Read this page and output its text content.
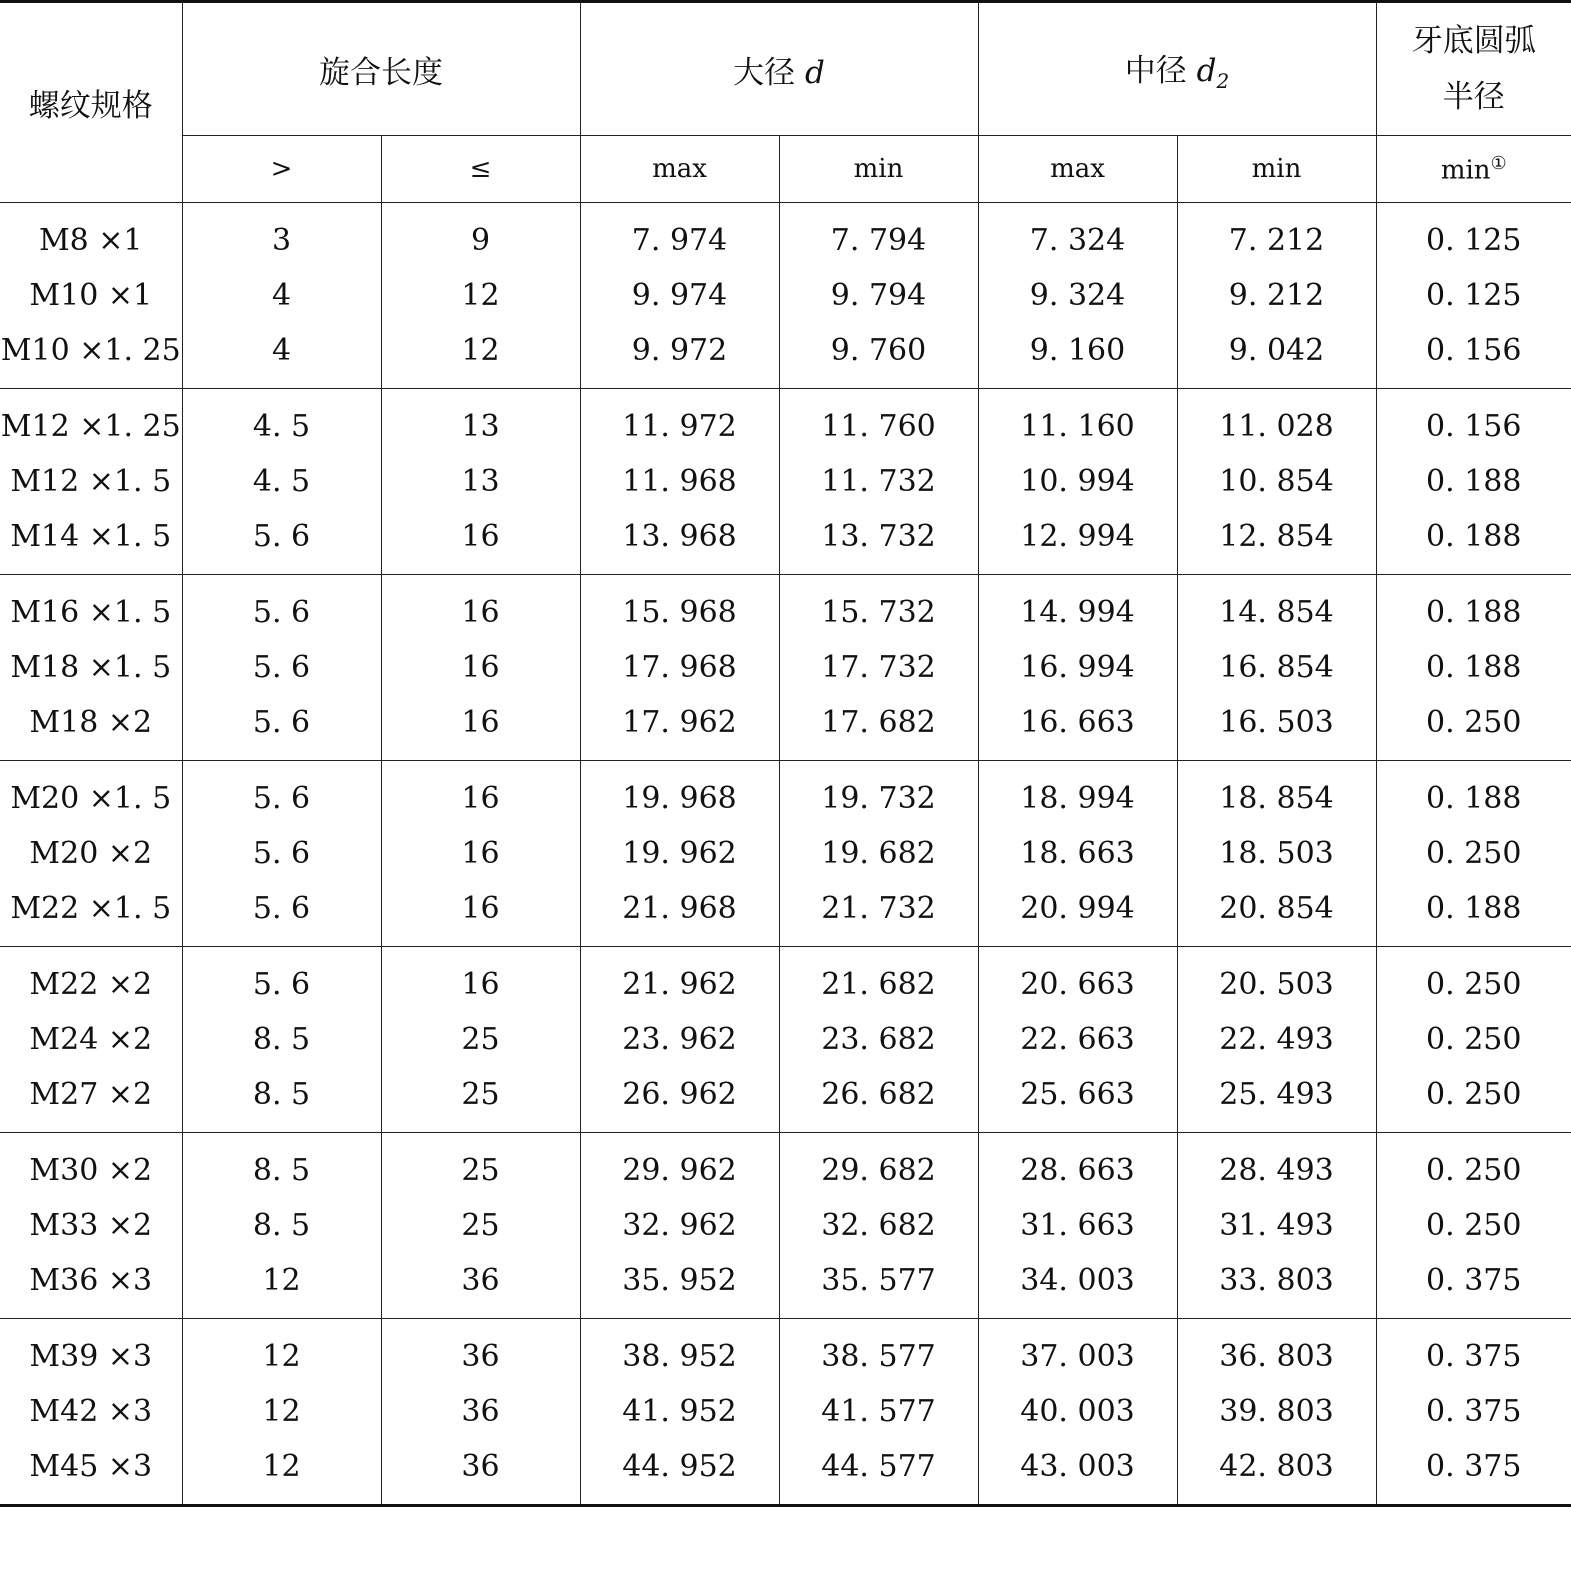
螺纹规格	旋合长度		大径 d		中径 $d_2$		牙底圆弧
半径
	>	≤	max	min	max	min	min①
M8 ×1	3	9	7. 974	7. 794	7. 324	7. 212	0. 125
M10 ×1	4	12	9. 974	9. 794	9. 324	9. 212	0. 125
M10 ×1. 25	4	12	9. 972	9. 760	9. 160	9. 042	0. 156
M12 ×1. 25	4. 5	13	11. 972	11. 760	11. 160	11. 028	0. 156
M12 ×1. 5	4. 5	13	11. 968	11. 732	10. 994	10. 854	0. 188
M14 ×1. 5	5. 6	16	13. 968	13. 732	12. 994	12. 854	0. 188
M16 ×1. 5	5. 6	16	15. 968	15. 732	14. 994	14. 854	0. 188
M18 ×1. 5	5. 6	16	17. 968	17. 732	16. 994	16. 854	0. 188
M18 ×2	5. 6	16	17. 962	17. 682	16. 663	16. 503	0. 250
M20 ×1. 5	5. 6	16	19. 968	19. 732	18. 994	18. 854	0. 188
M20 ×2	5. 6	16	19. 962	19. 682	18. 663	18. 503	0. 250
M22 ×1. 5	5. 6	16	21. 968	21. 732	20. 994	20. 854	0. 188
M22 ×2	5. 6	16	21. 962	21. 682	20. 663	20. 503	0. 250
M24 ×2	8. 5	25	23. 962	23. 682	22. 663	22. 493	0. 250
M27 ×2	8. 5	25	26. 962	26. 682	25. 663	25. 493	0. 250
M30 ×2	8. 5	25	29. 962	29. 682	28. 663	28. 493	0. 250
M33 ×2	8. 5	25	32. 962	32. 682	31. 663	31. 493	0. 250
M36 ×3	12	36	35. 952	35. 577	34. 003	33. 803	0. 375
M39 ×3	12	36	38. 952	38. 577	37. 003	36. 803	0. 375
M42 ×3	12	36	41. 952	41. 577	40. 003	39. 803	0. 375
M45 ×3	12	36	44. 952	44. 577	43. 003	42. 803	0. 375
